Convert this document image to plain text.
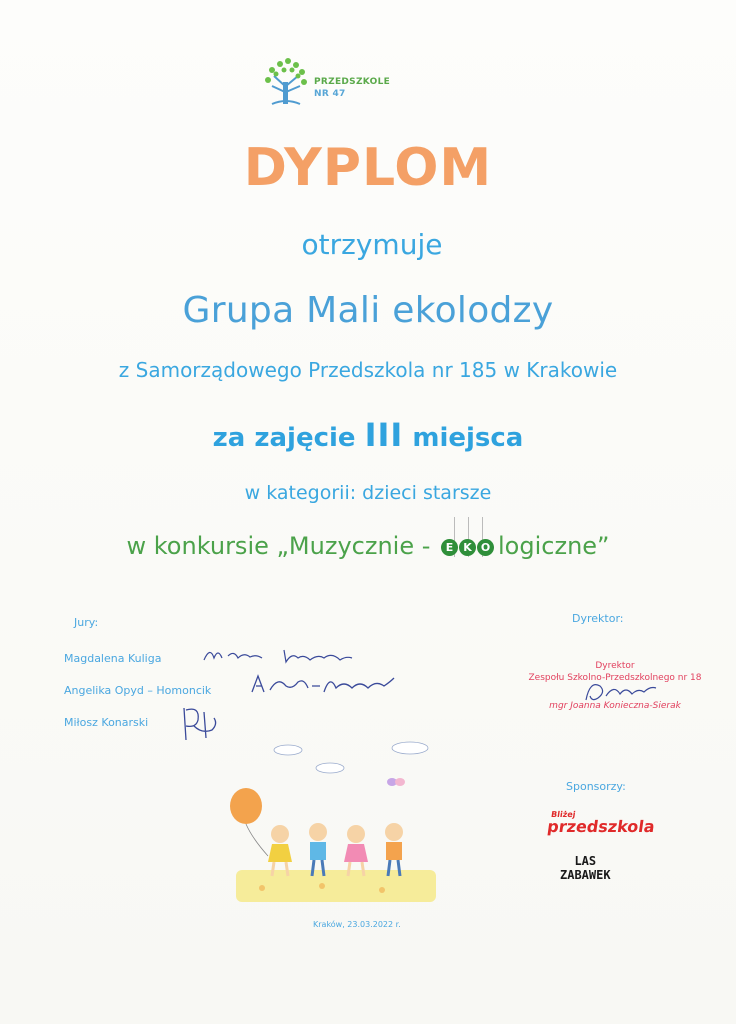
PRZEDSZKOLE
NR 47
DYPLOM
otrzymuje
Grupa Mali ekolodzy
z Samorządowego Przedszkola nr 185 w Krakowie
za zajęcie III miejsca
w kategorii: dzieci starsze
w konkursie „Muzycznie - E K O logiczne”
Jury:
Magdalena Kuliga
Angelika Opyd – Homoncik
Miłosz Konarski
Dyrektor:
Dyrektor
Zespołu Szkolno-Przedszkolnego nr 18
mgr Joanna Konieczna-Sierak
Sponsorzy:
Bliżej
przedszkola
LAS
ZABAWEK
Kraków, 23.03.2022 r.
